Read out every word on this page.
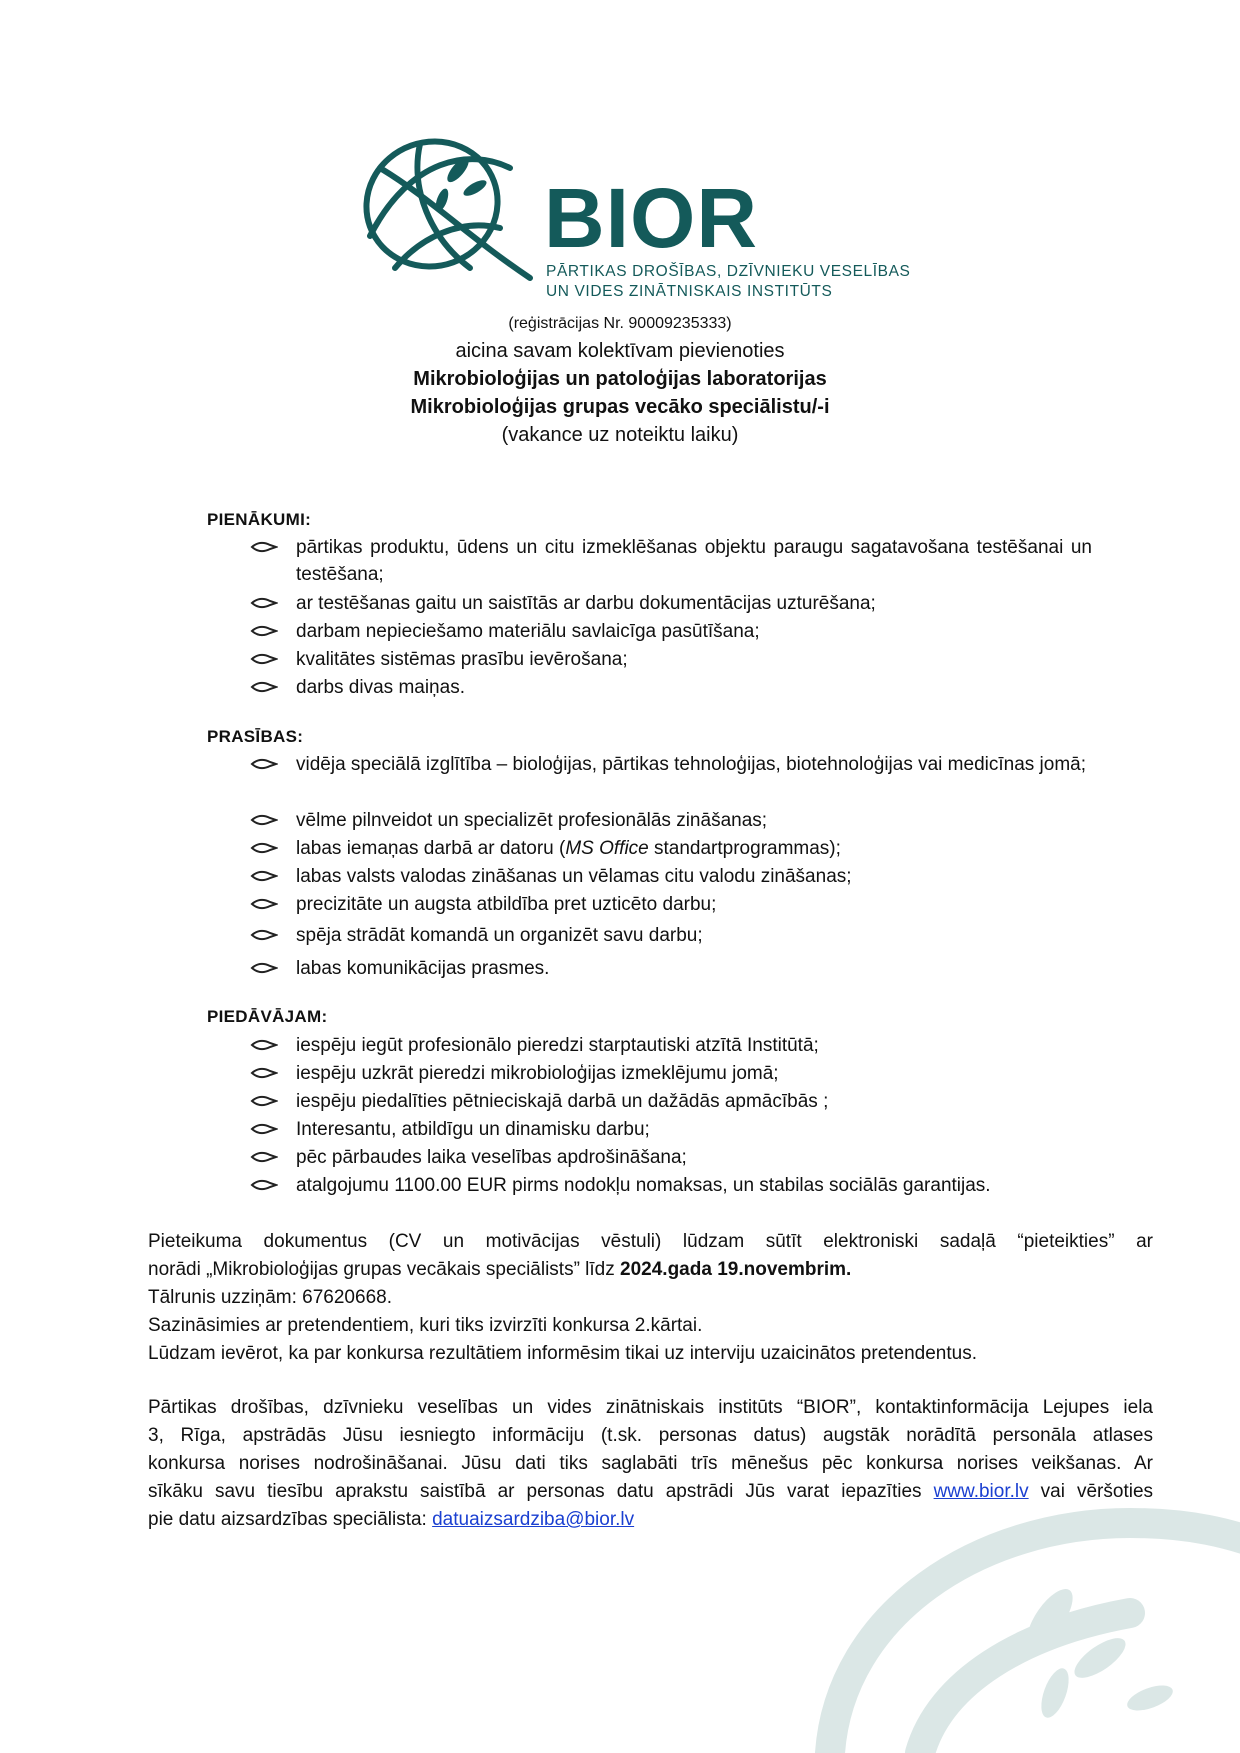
BIOR
PĀRTIKAS DROŠĪBAS, DZĪVNIEKU VESELĪBAS
UN VIDES ZINĀTNISKAIS INSTITŪTS
(reģistrācijas Nr. 90009235333)
aicina savam kolektīvam pievienoties
Mikrobioloģijas un patoloģijas laboratorijas
Mikrobioloģijas grupas vecāko speciālistu/-i
(vakance uz noteiktu laiku)
PIENĀKUMI:
pārtikas produktu, ūdens un citu izmeklēšanas objektu paraugu sagatavošana testēšanai un testēšana;
ar testēšanas gaitu un saistītās ar darbu dokumentācijas uzturēšana;
darbam nepieciešamo materiālu savlaicīga pasūtīšana;
kvalitātes sistēmas prasību ievērošana;
darbs divas maiņas.
PRASĪBAS:
vidēja speciālā izglītība – bioloģijas, pārtikas tehnoloģijas, biotehnoloģijas vai medicīnas jomā;
vēlme pilnveidot un specializēt profesionālās zināšanas;
labas iemaņas darbā ar datoru (MS Office standartprogrammas);
labas valsts valodas zināšanas un vēlamas citu valodu zināšanas;
precizitāte un augsta atbildība pret uzticēto darbu;
spēja strādāt komandā un organizēt savu darbu;
labas komunikācijas prasmes.
PIEDĀVĀJAM:
iespēju iegūt profesionālo pieredzi starptautiski atzītā Institūtā;
iespēju uzkrāt pieredzi mikrobioloģijas izmeklējumu jomā;
iespēju piedalīties pētnieciskajā darbā un dažādās apmācībās ;
Interesantu, atbildīgu un dinamisku darbu;
pēc pārbaudes laika veselības apdrošināšana;
atalgojumu 1100.00 EUR pirms nodokļu nomaksas, un stabilas sociālās garantijas.
Pieteikuma dokumentus (CV un motivācijas vēstuli) lūdzam sūtīt elektroniski sadaļā “pieteikties” ar
norādi „Mikrobioloģijas grupas vecākais speciālists” līdz 2024.gada 19.novembrim.
Tālrunis uzziņām: 67620668.
Sazināsimies ar pretendentiem, kuri tiks izvirzīti konkursa 2.kārtai.
Lūdzam ievērot, ka par konkursa rezultātiem informēsim tikai uz interviju uzaicinātos pretendentus.
Pārtikas drošības, dzīvnieku veselības un vides zinātniskais institūts “BIOR”, kontaktinformācija Lejupes iela
3, Rīga, apstrādās Jūsu iesniegto informāciju (t.sk. personas datus) augstāk norādītā personāla atlases
konkursa norises nodrošināšanai. Jūsu dati tiks saglabāti trīs mēnešus pēc konkursa norises veikšanas. Ar
sīkāku savu tiesību aprakstu saistībā ar personas datu apstrādi Jūs varat iepazīties www.bior.lv vai vēršoties
pie datu aizsardzības speciālista: datuaizsardziba@bior.lv
